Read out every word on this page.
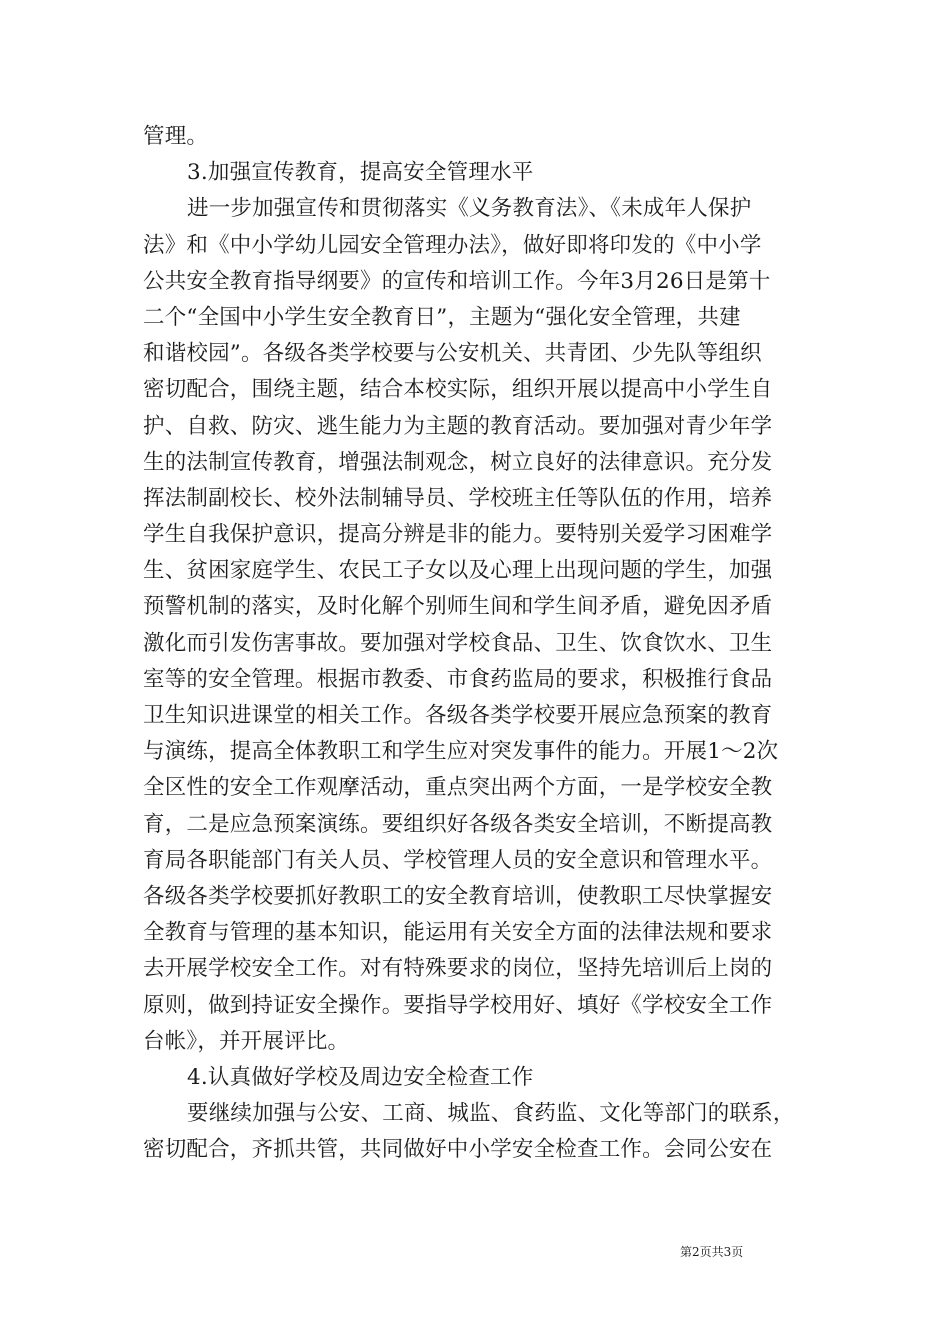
管理。
3.加强宣传教育，提高安全管理水平
进一步加强宣传和贯彻落实《义务教育法》、《未成年人保护
法》和《中小学幼儿园安全管理办法》，做好即将印发的《中小学
公共安全教育指导纲要》的宣传和培训工作。今年3月26日是第十
二个“全国中小学生安全教育日”，主题为“强化安全管理，共建
和谐校园”。各级各类学校要与公安机关、共青团、少先队等组织
密切配合，围绕主题，结合本校实际，组织开展以提高中小学生自
护、自救、防灾、逃生能力为主题的教育活动。要加强对青少年学
生的法制宣传教育，增强法制观念，树立良好的法律意识。充分发
挥法制副校长、校外法制辅导员、学校班主任等队伍的作用，培养
学生自我保护意识，提高分辨是非的能力。要特别关爱学习困难学
生、贫困家庭学生、农民工子女以及心理上出现问题的学生，加强
预警机制的落实，及时化解个别师生间和学生间矛盾，避免因矛盾
激化而引发伤害事故。要加强对学校食品、卫生、饮食饮水、卫生
室等的安全管理。根据市教委、市食药监局的要求，积极推行食品
卫生知识进课堂的相关工作。各级各类学校要开展应急预案的教育
与演练，提高全体教职工和学生应对突发事件的能力。开展1～2次
全区性的安全工作观摩活动，重点突出两个方面，一是学校安全教
育，二是应急预案演练。要组织好各级各类安全培训，不断提高教
育局各职能部门有关人员、学校管理人员的安全意识和管理水平。
各级各类学校要抓好教职工的安全教育培训，使教职工尽快掌握安
全教育与管理的基本知识，能运用有关安全方面的法律法规和要求
去开展学校安全工作。对有特殊要求的岗位，坚持先培训后上岗的
原则，做到持证安全操作。要指导学校用好、填好《学校安全工作
台帐》，并开展评比。
4.认真做好学校及周边安全检查工作
要继续加强与公安、工商、城监、食药监、文化等部门的联系，
密切配合，齐抓共管，共同做好中小学安全检查工作。会同公安在
第2页共3页
